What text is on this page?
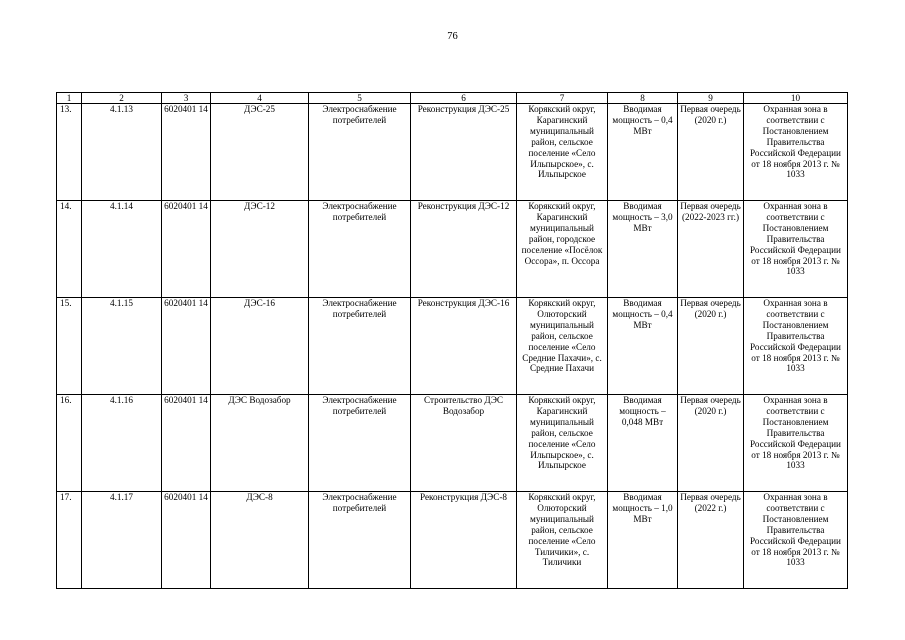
76
1	2	3	4	5	6	7	8	9	10
13.	4.1.13	6020401 14	ДЭС-25	Электроснабжение потребителей	Реконструкция ДЭС-25	Корякский округ, Карагинский муниципальный район, сельское поселение «Село Ильпырское», с. Ильпырское	Вводимая мощность – 0,4 МВт	Первая очередь (2020 г.)	Охранная зона в соответствии с Постановлением Правительства Российской Федерации от 18 ноября 2013 г. № 1033
14.	4.1.14	6020401 14	ДЭС-12	Электроснабжение потребителей	Реконструкция ДЭС-12	Корякский округ, Карагинский муниципальный район, городское поселение «Посёлок Оссора», п. Оссора	Вводимая мощность – 3,0 МВт	Первая очередь (2022-2023 гг.)	Охранная зона в соответствии с Постановлением Правительства Российской Федерации от 18 ноября 2013 г. № 1033
15.	4.1.15	6020401 14	ДЭС-16	Электроснабжение потребителей	Реконструкция ДЭС-16	Корякский округ, Олюторский муниципальный район, сельское поселение «Село Средние Пахачи», с. Средние Пахачи	Вводимая мощность – 0,4 МВт	Первая очередь (2020 г.)	Охранная зона в соответствии с Постановлением Правительства Российской Федерации от 18 ноября 2013 г. № 1033
16.	4.1.16	6020401 14	ДЭС Водозабор	Электроснабжение потребителей	Строительство ДЭС Водозабор	Корякский округ, Карагинский муниципальный район, сельское поселение «Село Ильпырское», с. Ильпырское	Вводимая мощность – 0,048 МВт	Первая очередь (2020 г.)	Охранная зона в соответствии с Постановлением Правительства Российской Федерации от 18 ноября 2013 г. № 1033
17.	4.1.17	6020401 14	ДЭС-8	Электроснабжение потребителей	Реконструкция ДЭС-8	Корякский округ, Олюторский муниципальный район, сельское поселение «Село Тиличики», с. Тиличики	Вводимая мощность – 1,0 МВт	Первая очередь (2022 г.)	Охранная зона в соответствии с Постановлением Правительства Российской Федерации от 18 ноября 2013 г. № 1033
